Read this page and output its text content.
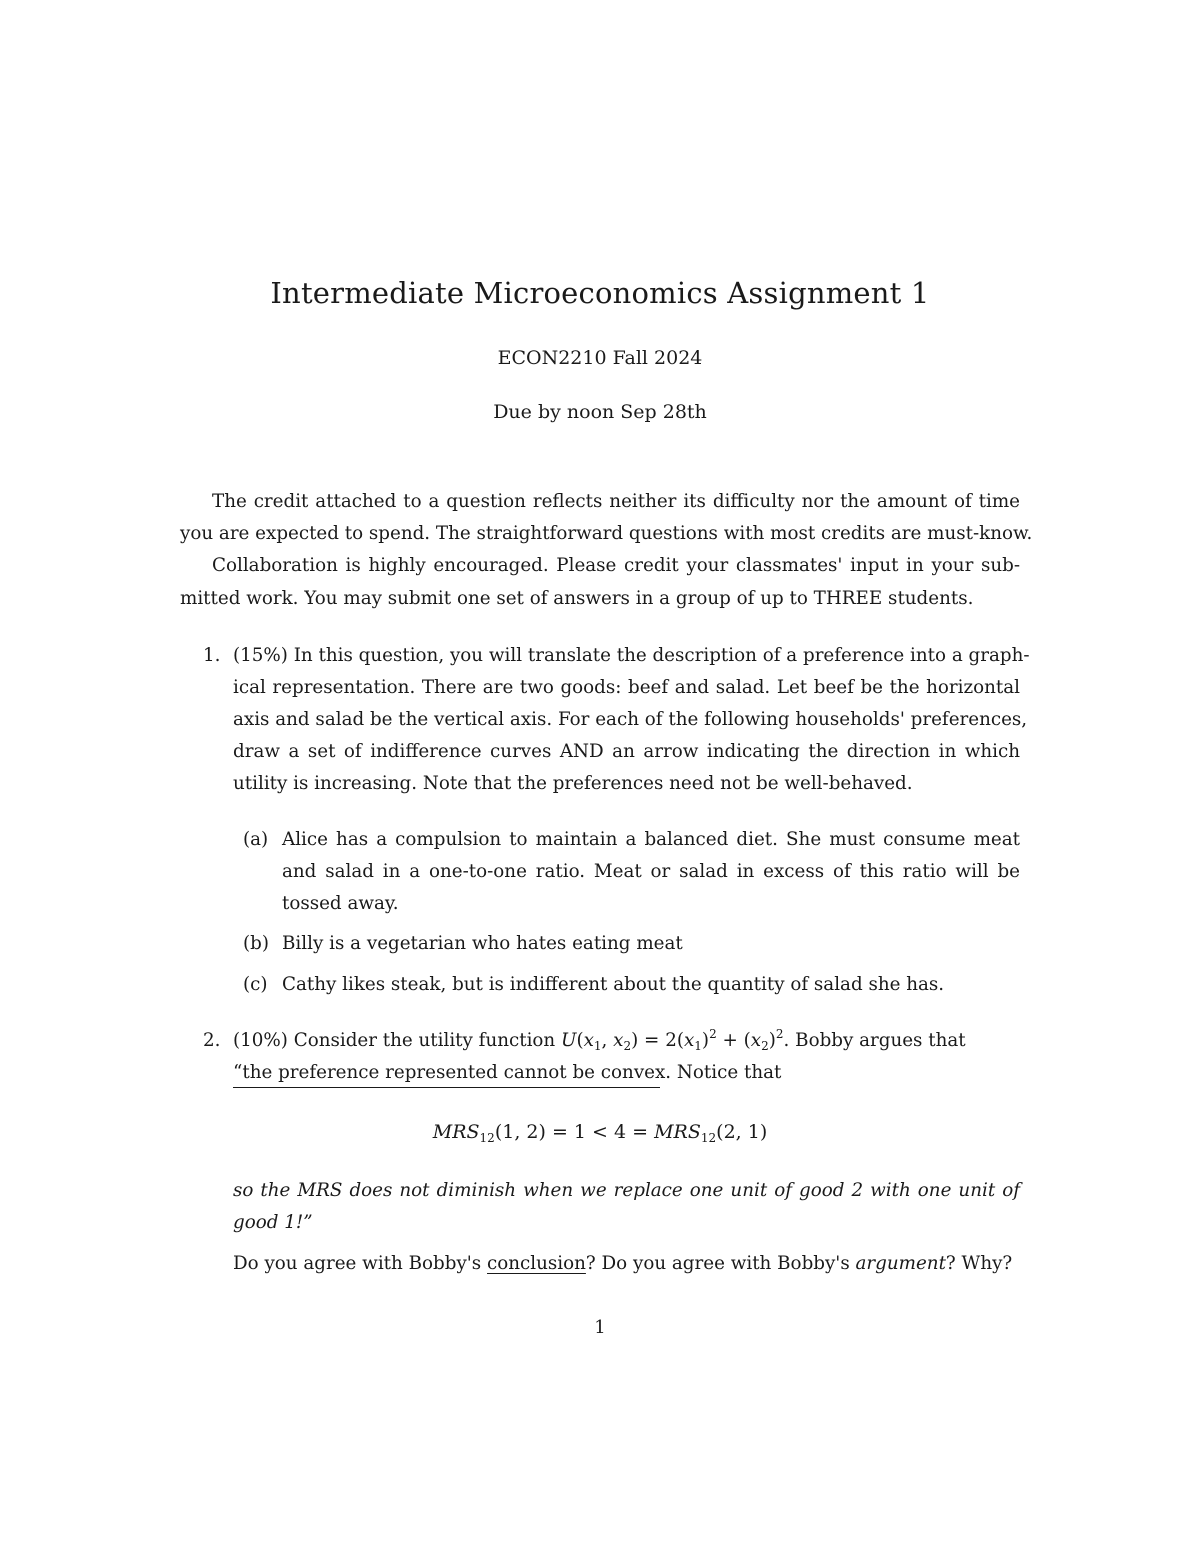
Intermediate Microeconomics Assignment 1
ECON2210 Fall 2024
Due by noon Sep 28th
The credit attached to a question reflects neither its difficulty nor the amount of time
you are expected to spend. The straightforward questions with most credits are must-know.
Collaboration is highly encouraged. Please credit your classmates' input in your sub-
mitted work. You may submit one set of answers in a group of up to THREE students.
1. (15%) In this question, you will translate the description of a preference into a graph-
ical representation. There are two goods: beef and salad. Let beef be the horizontal
axis and salad be the vertical axis. For each of the following households' preferences,
draw a set of indifference curves AND an arrow indicating the direction in which
utility is increasing. Note that the preferences need not be well-behaved.
(a) Alice has a compulsion to maintain a balanced diet. She must consume meat
and salad in a one-to-one ratio. Meat or salad in excess of this ratio will be
tossed away.
(b) Billy is a vegetarian who hates eating meat
(c) Cathy likes steak, but is indifferent about the quantity of salad she has.
2. (10%) Consider the utility function $U(x_1$, $x_2) = 2(x_1)^2 + (x_2)^2$. Bobby argues that
“the preference represented cannot be convex. Notice that
$MRS_{12}(1$, $2) = 1 < 4 = MRS_{12}(2$, 1)
so the MRS does not diminish when we replace one unit of good 2 with one unit of
good 1!”
Do you agree with Bobby's conclusion? Do you agree with Bobby's argument? Why?
1
